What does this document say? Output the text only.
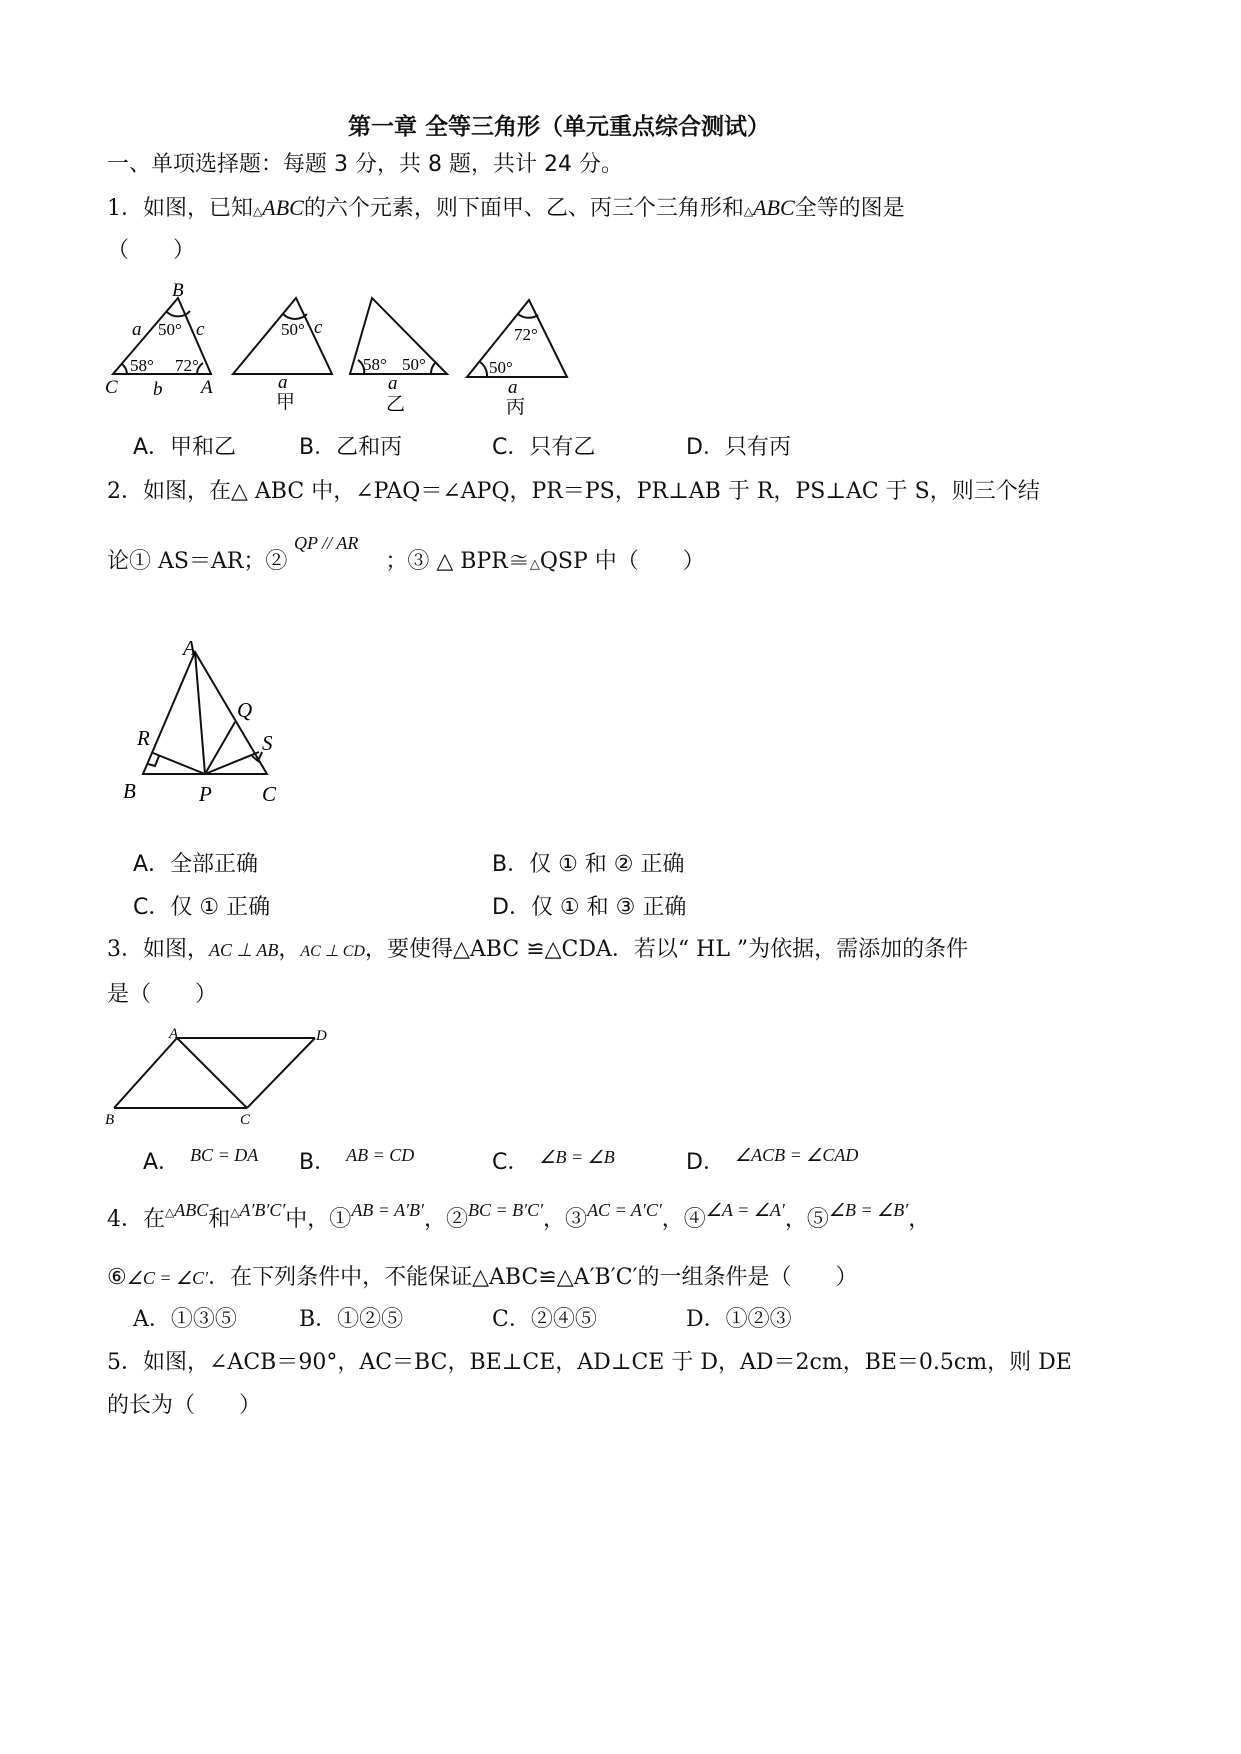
第一章 全等三角形（单元重点综合测试）
一、单项选择题：每题 3 分，共 8 题，共计 24 分。
1．如图，已知△ABC的六个元素，则下面甲、乙、丙三个三角形和△ABC全等的图是
（　　）
B
C	A
a
b
c
50°
58° 72°
50° c
a
甲
58° 50°
a
乙
72°
50°
a
丙
A．甲和乙	B．乙和丙	C．只有乙	D．只有丙
2．如图，在△ ABC 中，∠PAQ＝∠APQ，PR＝PS，PR⊥AB 于 R，PS⊥AC 于 S，则三个结
QP // AR
论① AS＝AR；②	；③ △ BPR≅△QSP 中（　　）
A
B	C
P
Q
R	S
A．全部正确	B．仅 ① 和 ② 正确
C．仅 ① 正确	D．仅 ① 和 ③ 正确
3．如图，AC ⊥ AB，AC ⊥ CD，要使得△ABC ≌△CDA．若以“ HL ”为依据，需添加的条件
是（　　）
A	D
B	C
A． $^{BC = DA}$ B． $^{AB = CD}$	C． $^{\angle B = \angle B}$	D． $^{\angle ACB = \angle CAD}$
4．在$^{\triangle ABC}$和$^{\triangle A'B'C'}$中，①$^{AB = A'B'}$，②$^{BC = B'C'}$，③$^{AC = A'C'}$，④$^{\angle A = \angle A'}$，⑤$^{\angle B = \angle B'}$，
⑥∠C = ∠C′．在下列条件中，不能保证△ABC≌△A′B′C′的一组条件是（　　）
A．①③⑤	B．①②⑤	C．②④⑤	D．①②③
5．如图，∠ACB＝90°，AC＝BC，BE⊥CE，AD⊥CE 于 D，AD＝2cm，BE＝0.5cm，则 DE
的长为（　　）
